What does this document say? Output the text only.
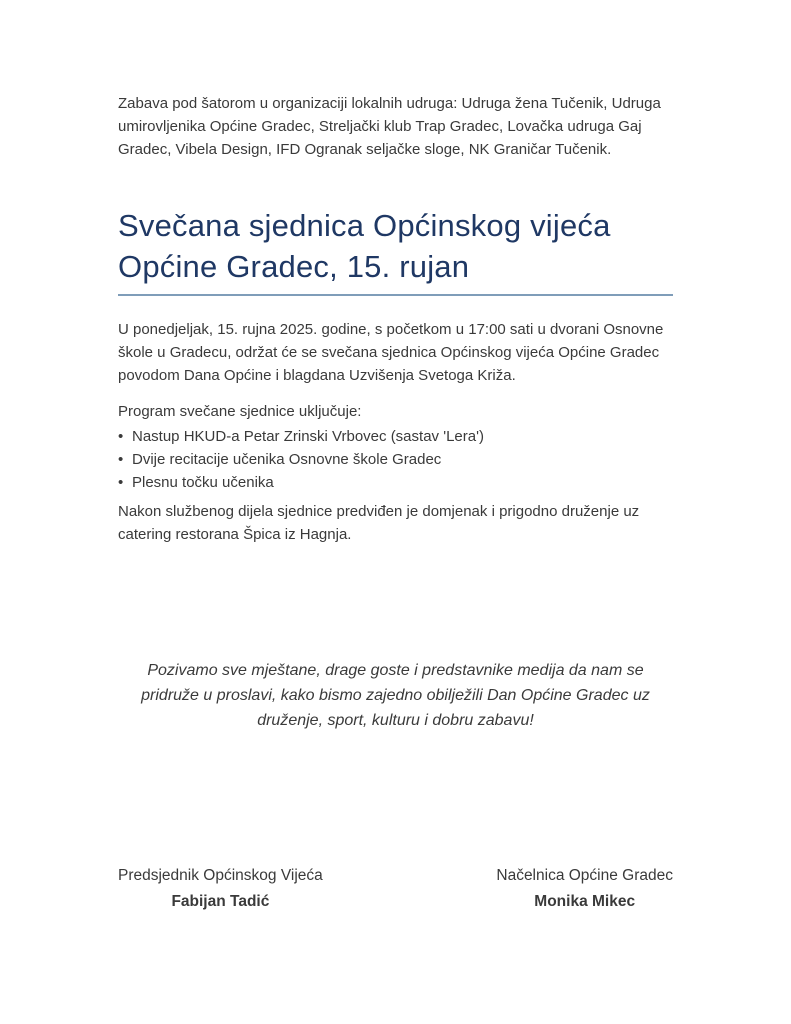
Zabava pod šatorom u organizaciji lokalnih udruga: Udruga žena Tučenik, Udruga umirovljenika Općine Gradec, Streljački klub Trap Gradec, Lovačka udruga Gaj Gradec, Vibela Design, IFD Ogranak seljačke sloge, NK Graničar Tučenik.

Svečana sjednica Općinskog vijeća Općine Gradec, 15. rujan

U ponedjeljak, 15. rujna 2025. godine, s početkom u 17:00 sati u dvorani Osnovne škole u Gradecu, održat će se svečana sjednica Općinskog vijeća Općine Gradec povodom Dana Općine i blagdana Uzvišenja Svetoga Križa.

Program svečane sjednice uključuje:

• Nastup HKUD-a Petar Zrinski Vrbovec (sastav 'Lera')
• Dvije recitacije učenika Osnovne škole Gradec
• Plesnu točku učenika

Nakon službenog dijela sjednice predviđen je domjenak i prigodno druženje uz catering restorana Špica iz Hagnja.

Pozivamo sve mještane, drage goste i predstavnike medija da nam se pridruže u proslavi, kako bismo zajedno obilježili Dan Općine Gradec uz druženje, sport, kulturu i dobru zabavu!

Predsjednik Općinskog Vijeća
Fabijan Tadić
Načelnica Općine Gradec
Monika Mikec
